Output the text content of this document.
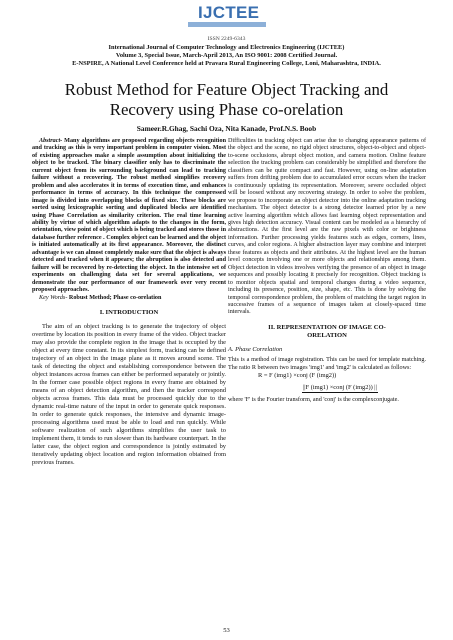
IJCTEE
ISSN 2249-6343
International Journal of Computer Technology and Electronics Engineering (IJCTEE)
Volume 3, Special Issue, March-April 2013, An ISO 9001: 2008 Certified Journal.
E-NSPIRE, A National Level Conference held at Pravara Rural Engineering College, Loni, Maharashtra, INDIA.
Robust Method for Feature Object Tracking and
Recovery using Phase co-orelation
Sameer.R.Ghag, Sachi Oza, Nita Kanade, Prof.N.S. Boob

Abstract- Many algorithms are proposed regarding objects recognition and tracking as this is very important problem in computer vision. Most of existing approaches make a simple assumption about initializing the object to be tracked. The binary classifier only has to discriminate the current object from its surrounding background can lead to tracking failure without a recovering. The robust method simplifies recovery problem and also accelerates it in terms of execution time, and enhances performance in terms of accuracy. In this technique the compressed image is divided into overlapping blocks of fixed size. These blocks are sorted using lexicographic sorting and duplicated blocks are identified using Phase Correlation as similarity criterion. The real time learning ability by virtue of which algorithm adapts to the changes in the form, orientation, view point of object which is being tracked and stores those in database further reference . Complex object can be learned and the object is initiated automatically at its first appearance. Moreover, the distinct advantage is we can almost completely make sure that the object is always detected and tracked when it appears; the abruption is also detected and failure will be recovered by re-detecting the object. In the intensive set of experiments on challenging data set for several applications, we demonstrate the our performance of our framework over very recent proposed approaches.

Key Words- Robust Method; Phase co-orelation

I. INTRODUCTION

The aim of an object tracking is to generate the trajectory of object overtime by location its position in every frame of the video. Object tracker may also provide the complete region in the image that is occupied by the object at every time constant. In its simplest form, tracking can be defined trajectory of an object in the image plane as it moves around scene. The task of detecting the object and establishing correspondence between the object instances across frames can either be performed separately or jointly. In the former case possible object regions in every frame are obtained by means of an object detection algorithm, and then the tracker correspond objects across frames. This data must be processed quickly due to the dynamic real-time nature of the input in order to generate quick responses. In order to generate quick responses, the intensive and dynamic image-processing algorithms used must be able to load and run quickly. While software realization of such algorithms simplifies the user task to implement them, it tends to run slower than its hardware counterpart. In the latter case, the object region and correspondence is jointly estimated by iteratively updating object location and region information obtained from previous frames.

Difficulties in tracking object can arise due to changing appearance patterns of the object and the scene, no rigid object structures, object-to-object and object-to-scene occlusions, abrupt object motion, and camera motion. Online feature selection the tracking problem can considerably be simplified and therefore the classifiers can be quite compact and fast. However, using on-line adaptation suffers from drifting problem due to accumulated error occurs when the tracker is continuously updating its representation. Moreover, severe occluded object will be loosed without any recovering strategy. In order to solve the problem, we propose to incorporate an object detector into the online adaptation tracking mechanism. The object detector is a strong detector learned prior by a new active learning algorithm which allows fast learning object representation and gives high detection accuracy. Visual content can be modeled as a hierarchy of abstractions. At the first level are the raw pixels with color or brightness information. Further processing yields features such as edges, corners, lines, curves, and color regions. A higher abstraction layer may combine and interpret these features as objects and their attributes. At the highest level are the human level concepts involving one or more objects and relationships among them. Object detection in videos involves verifying the presence of an object in image sequences and possibly locating it precisely for recognition. Object tracking is to monitor objects spatial and temporal changes during a video sequence, including its presence, position, size, shape, etc. This is done by solving the temporal correspondence problem, the problem of matching the target region in successive frames of a sequence of images taken at closely-spaced time intervals.

II. REPRESENTATION OF IMAGE CO-
ORELATION
A. Phase Correlation

This is a method of image registration. This can be used for template matching. The ratio R between two images 'img1' and 'img2' is calculated as follows:

R = F (img1) ×conj (F (img2))
||F (img1) ×conj (F (img2)) ||

where 'F' is the Fourier transform, and 'conj' is the complexconjugate.

53
